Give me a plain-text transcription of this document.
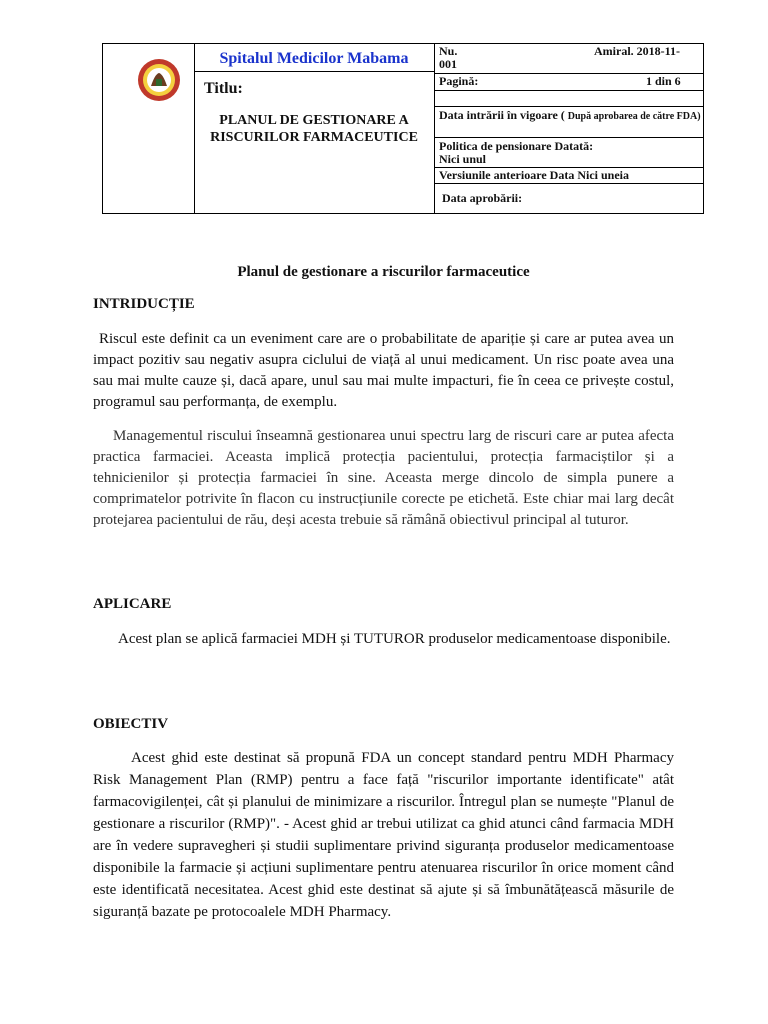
Spitalul Medicilor Mabama
Titlu:
PLANUL DE GESTIONARE A RISCURILOR FARMACEUTICE
Nu.	Amiral. 2018-11-

001
Pagină:	1 din 6
Data intrării în vigoare ( După aprobarea de către FDA)
Politica de pensionare Datată:
Nici unul
Versiunile anterioare Data Nici uneia
Data aprobării:
Planul de gestionare a riscurilor farmaceutice
INTRIDUCȚIE
Riscul este definit ca un eveniment care are o probabilitate de apariție și care ar putea avea un impact pozitiv sau negativ asupra ciclului de viață al unui medicament. Un risc poate avea una sau mai multe cauze și, dacă apare, unul sau mai multe impacturi, fie în ceea ce privește costul, programul sau performanța, de exemplu.
Managementul riscului înseamnă gestionarea unui spectru larg de riscuri care ar putea afecta practica farmaciei. Aceasta implică protecția pacientului, protecția farmaciștilor și a tehnicienilor și protecția farmaciei în sine. Aceasta merge dincolo de simpla punere a comprimatelor potrivite în flacon cu instrucțiunile corecte pe etichetă. Este chiar mai larg decât protejarea pacientului de rău, deși acesta trebuie să rămână obiectivul principal al tuturor.
APLICARE
Acest plan se aplică farmaciei MDH și TUTUROR produselor medicamentoase disponibile.
OBIECTIV
Acest ghid este destinat să propună FDA un concept standard pentru MDH Pharmacy Risk Management Plan (RMP) pentru a face față "riscurilor importante identificate" atât farmacovigilenței, cât și planului de minimizare a riscurilor. Întregul plan se numește "Planul de gestionare a riscurilor (RMP)". - Acest ghid ar trebui utilizat ca ghid atunci când farmacia MDH are în vedere supravegheri și studii suplimentare privind siguranța produselor medicamentoase disponibile la farmacie și acțiuni suplimentare pentru atenuarea riscurilor în orice moment când este identificată necesitatea. Acest ghid este destinat să ajute și să îmbunătățească măsurile de siguranță bazate pe protocoalele MDH Pharmacy.
